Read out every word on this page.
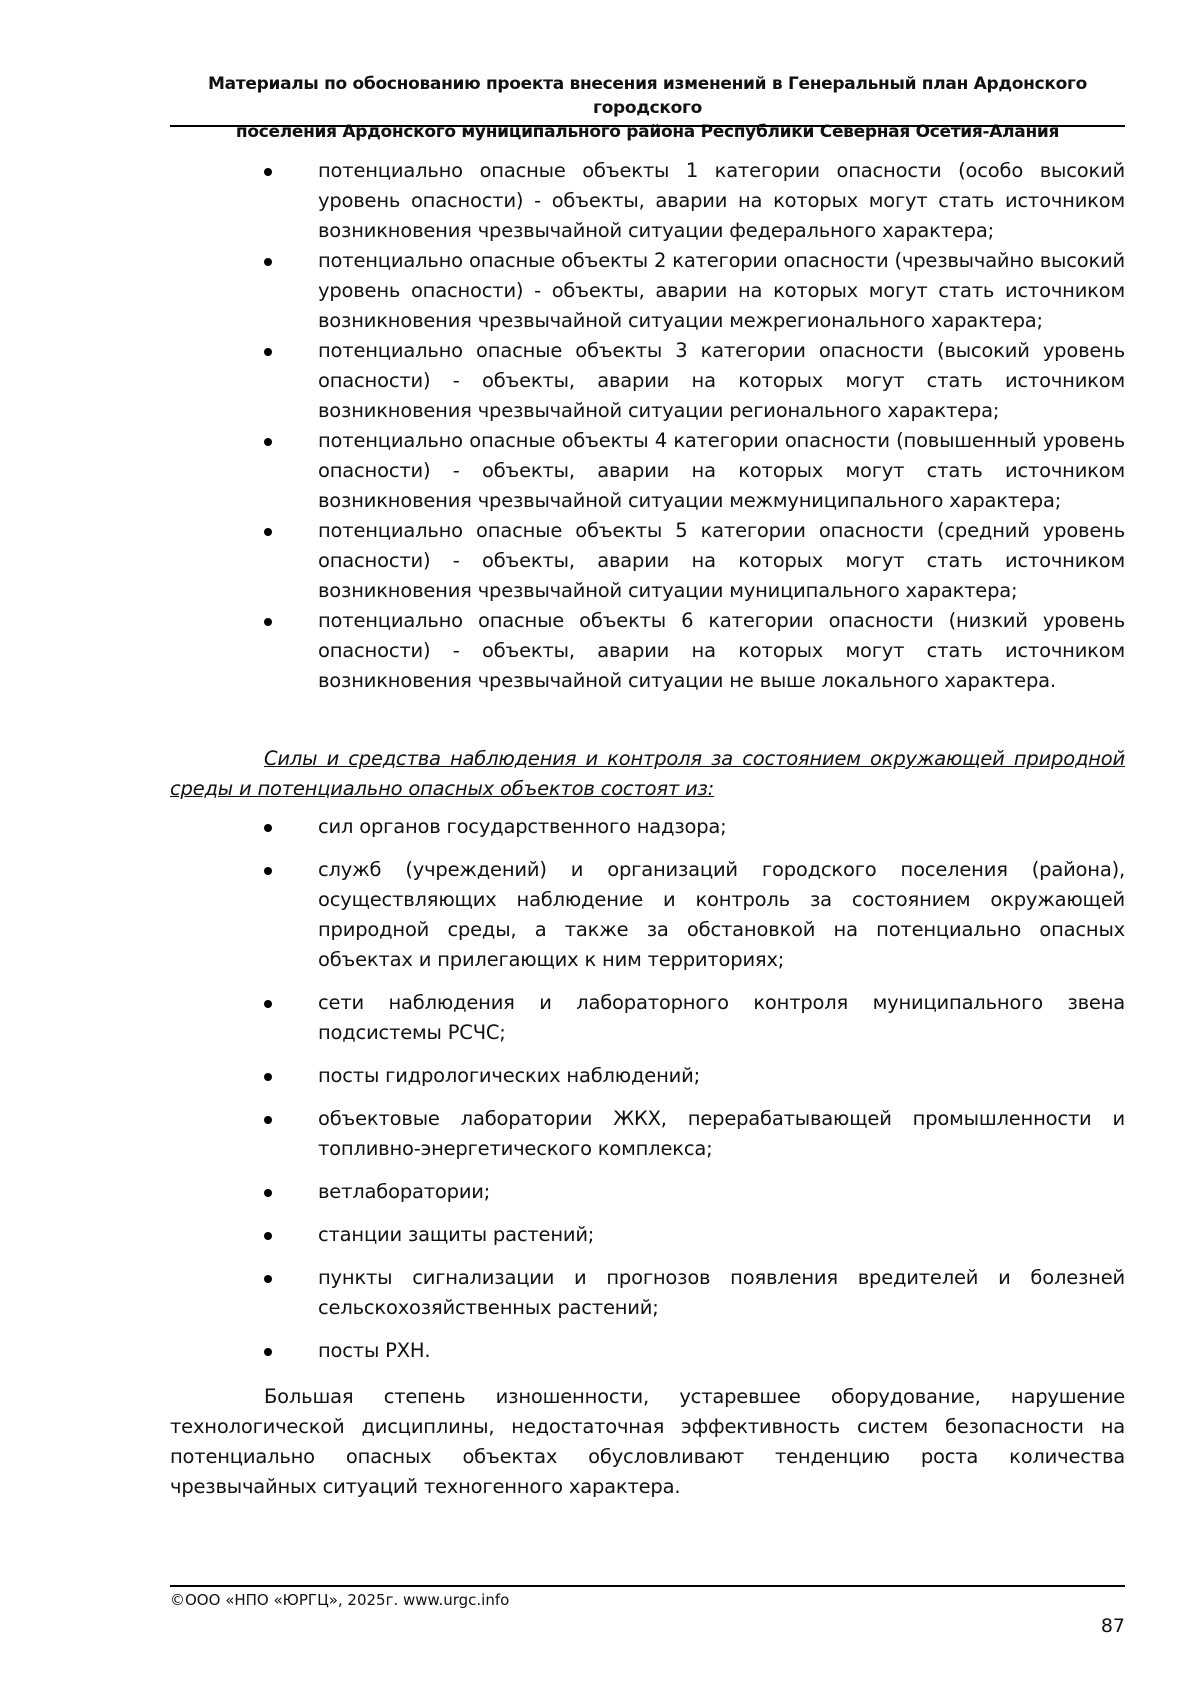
Материалы по обоснованию проекта внесения изменений в Генеральный план Ардонского городского
поселения Ардонского муниципального района Республики Северная Осетия-Алания
потенциально опасные объекты 1 категории опасности (особо высокий уровень опасности) - объекты, аварии на которых могут стать источником возникновения чрезвычайной ситуации федерального характера;
потенциально опасные объекты 2 категории опасности (чрезвычайно высокий уровень опасности) - объекты, аварии на которых могут стать источником возникновения чрезвычайной ситуации межрегионального характера;
потенциально опасные объекты 3 категории опасности (высокий уровень опасности) - объекты, аварии на которых могут стать источником возникновения чрезвычайной ситуации регионального характера;
потенциально опасные объекты 4 категории опасности (повышенный уровень опасности) - объекты, аварии на которых могут стать источником возникновения чрезвычайной ситуации межмуниципального характера;
потенциально опасные объекты 5 категории опасности (средний уровень опасности) - объекты, аварии на которых могут стать источником возникновения чрезвычайной ситуации муниципального характера;
потенциально опасные объекты 6 категории опасности (низкий уровень опасности) - объекты, аварии на которых могут стать источником возникновения чрезвычайной ситуации не выше локального характера.

Силы и средства наблюдения и контроля за состоянием окружающей природной среды и потенциально опасных объектов состоят из:

сил органов государственного надзора;
служб (учреждений) и организаций городского поселения (района), осуществляющих наблюдение и контроль за состоянием окружающей природной среды, а также за обстановкой на потенциально опасных объектах и прилегающих к ним территориях;
сети наблюдения и лабораторного контроля муниципального звена подсистемы РСЧС;
посты гидрологических наблюдений;
объектовые лаборатории ЖКХ, перерабатывающей промышленности и топливно-энергетического комплекса;
ветлаборатории;
станции защиты растений;
пункты сигнализации и прогнозов появления вредителей и болезней сельскохозяйственных растений;
посты РХН.

Большая степень изношенности, устаревшее оборудование, нарушение технологической дисциплины, недостаточная эффективность систем безопасности на потенциально опасных объектах обусловливают тенденцию роста количества чрезвычайных ситуаций техногенного характера.

©ООО «НПО «ЮРГЦ», 2025г. www.urgc.info
87
